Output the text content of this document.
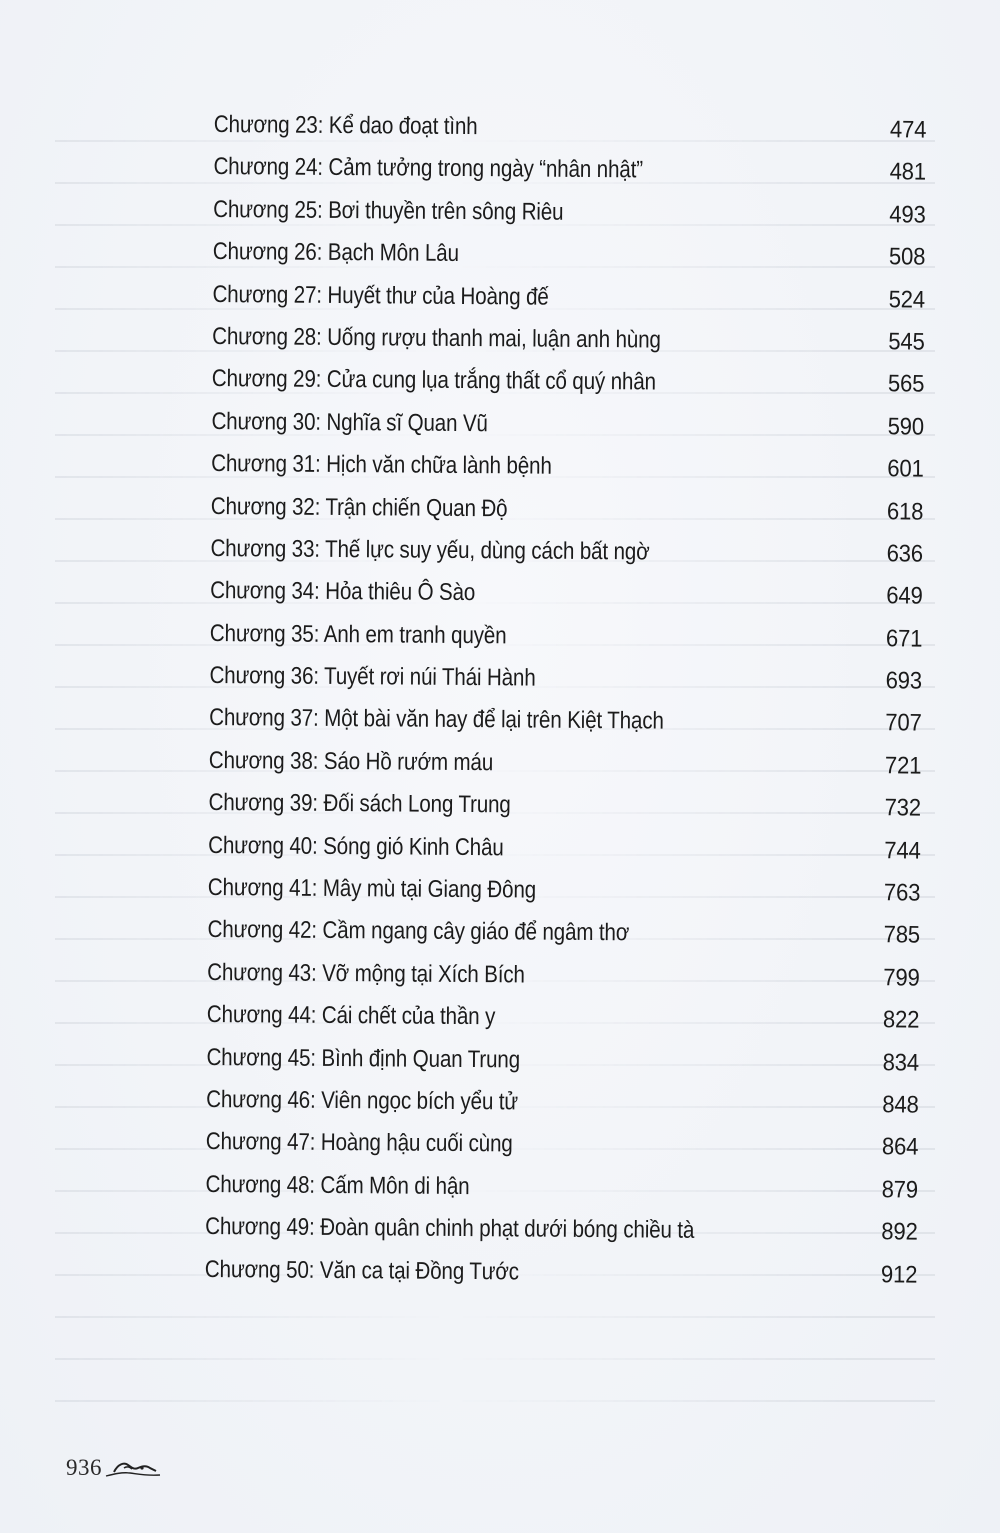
Chương 23: Kể dao đoạt tình	474
Chương 24: Cảm tưởng trong ngày “nhân nhật”	481
Chương 25: Bơi thuyền trên sông Riêu	493
Chương 26: Bạch Môn Lâu	508
Chương 27: Huyết thư của Hoàng đế	524
Chương 28: Uống rượu thanh mai, luận anh hùng	545
Chương 29: Cửa cung lụa trắng thất cổ quý nhân	565
Chương 30: Nghĩa sĩ Quan Vũ	590
Chương 31: Hịch văn chữa lành bệnh	601
Chương 32: Trận chiến Quan Độ	618
Chương 33: Thế lực suy yếu, dùng cách bất ngờ	636
Chương 34: Hỏa thiêu Ô Sào	649
Chương 35: Anh em tranh quyền	671
Chương 36: Tuyết rơi núi Thái Hành	693
Chương 37: Một bài văn hay để lại trên Kiệt Thạch	707
Chương 38: Sáo Hồ rướm máu	721
Chương 39: Đối sách Long Trung	732
Chương 40: Sóng gió Kinh Châu	744
Chương 41: Mây mù tại Giang Đông	763
Chương 42: Cầm ngang cây giáo để ngâm thơ	785
Chương 43: Vỡ mộng tại Xích Bích	799
Chương 44: Cái chết của thần y	822
Chương 45: Bình định Quan Trung	834
Chương 46: Viên ngọc bích yểu tử	848
Chương 47: Hoàng hậu cuối cùng	864
Chương 48: Cấm Môn di hận	879
Chương 49: Đoàn quân chinh phạt dưới bóng chiều tà	892
Chương 50: Văn ca tại Đồng Tước	912
936
